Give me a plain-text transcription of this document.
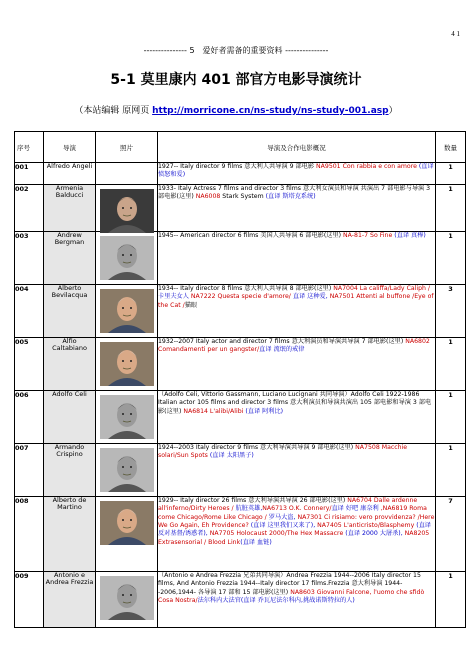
4 1
--------------- 5　爱好者需备的重要资料 ---------------
5-1 莫里康内 401 部官方电影导演统计
（本站编辑 原网页 http://morricone.cn/ns-study/ns-study-001.asp）
序号	导演	照片	导演及合作电影概况	数量
001	Alfredo Angeli		1927-- Italy director 9 films 意大利人共导演 9 部电影 NA9501 Con rabbia e con amore (直译 愤怒和爱)	1
002	Armenia Balducci		1933- Italy Actress 7 films and director 3 films 意大利女演员和导演 共演出 7 部电影与导演 3 部电影(这里) NA6008 Stark System (直译 斯塔克系统)	1
003	Andrew Bergman		1945-- American director 6 films 美国人共导演 6 部电影(这里) NA-81-7 So Fine (直译 真棒)	1
004	Alberto Bevilacqua		1934-- Italy director 8 films 意大利人共导演 8 部电影(这里) NA7004 La califfa/Lady Caliph / 卡里夫女人 NA7222 Questa specie d'amore/ 直译 这种爱, NA7501 Attenti al buffone /Eye of the Cat /猫眼	3
005	Alfio Caltabiano		1932--2007 Italy actor and director 7 films 意大利演员和导演共导演 7 部电影(这里) NA6802 Comandamenti per un gangster/直译 流氓的戒律	1
006	Adolfo Celi		（Adolfo Celi, Vittorio Gassmann, Luciano Lucignani 共同导演）Adolfo Celi 1922-1986 Italian actor 105 films and director 3 films 意大利演员和导演共演出 105 部电影和导演 3 部电影(这里) NA6814 L'alibi/Alibi (直译 阿利比)	1
007	Armando Crispino		1924--2003 Italy director 9 films 意大利导演共导演 9 部电影(这里) NA7508 Macchie solari/Sun Spots (直译 太阳黑子)	1
008	Alberto de Martino		1929-- Italy director 26 films 意大利导演共导演 26 部电影(这里) NA6704 Dalle ardenne all'inferno/Dirty Heroes / 肮脏英雄,NA6713 O.K. Connery/直译 好吧 康奈利 ,NA6819 Roma come Chicago/Rome Like Chicago / 罗马大盗, NA7301 Ci risiamo: vero provvidenza? /Here We Go Again, Eh Providence? (直译 这里我们又来了), NA7405 L'anticristo/Blasphemy (直译 反对基督/诱惑者), NA7705 Holocaust 2000/The Hex Massacre (直译 2000 大屠杀), NA8205 Extrasensorial / Blood Link(直译 血链)	7
009	Antonio e Andrea Frezzia		（Antonio e Andrea Frezzia 兄弟共同导演）Andrea Frezzia 1944--2006 Italy director 15 films, And Antonio Frezzia 1944--Italy director 17 films.Frezzia 意大利导演 1944--2006,1944- 各导演 17 部和 15 部电影(这里) NA8603 Giovanni Falcone, l'uomo che sfidò Cosa Nostra/法尔科内大法官(直译 乔瓦尼法尔科内,挑战诺斯特拉的人)	1
